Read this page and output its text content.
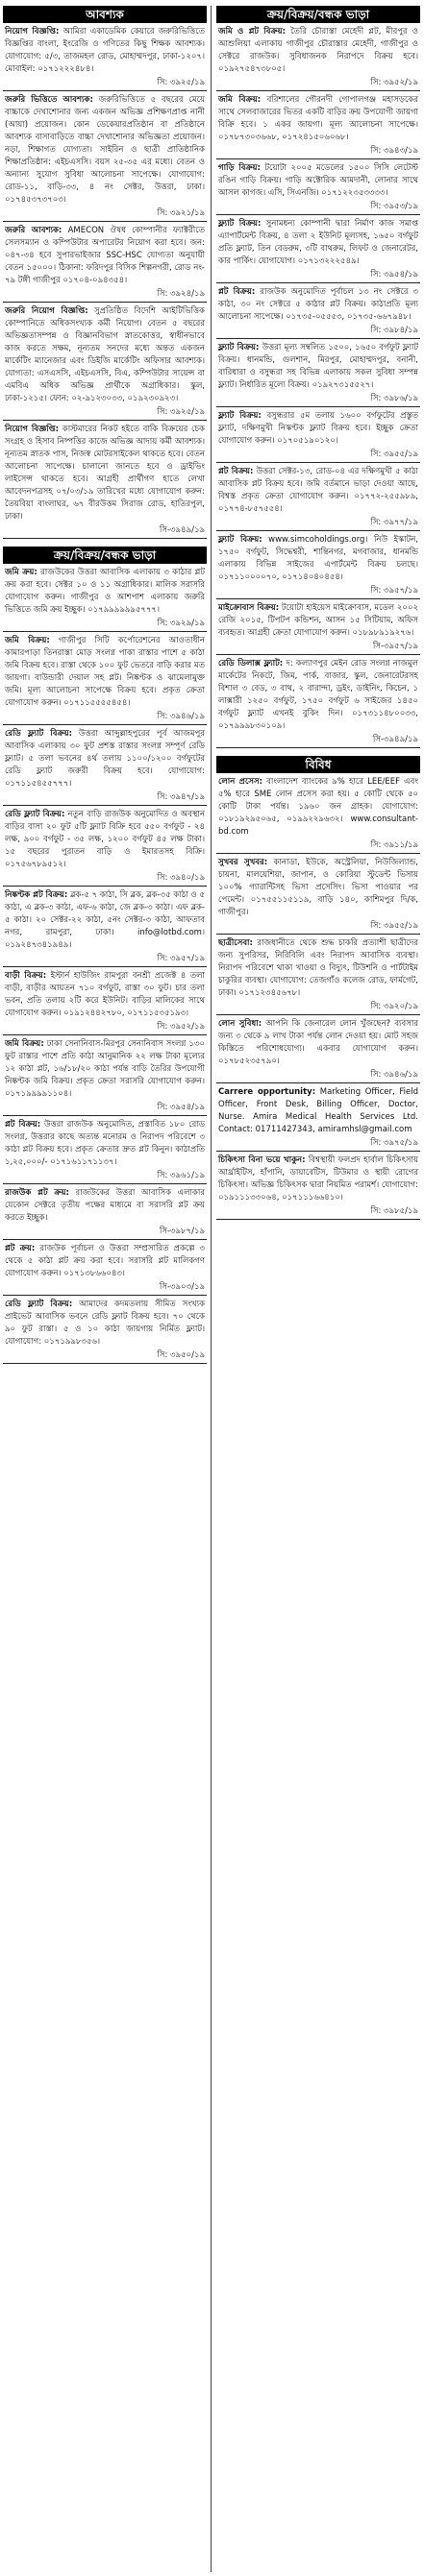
আবশ্যক
নিয়োগ বিজ্ঞপ্তি: আমিরা একাডেমিক কেয়ারে জরুরিভিত্তিতে বিজ্ঞপ্তির বাংলা, ইংরেজি ও গণিতের কিছু শিক্ষক আবশ্যক। যোগাযোগ: ৫/৩, তাজমহল রোড, মোহাম্মদপুর, ঢাকা-১২০৭। মোবাইল: ০১৭১২২২৪৮৪।
সি: ৩৯২৫/১৯
জরুরি ভিত্তিতে আবশ্যক: জরুরিভিত্তিতে ৫ বছরের মেয়ে বাচ্চাকে দেখাশোনার জন্য একজন অভিজ্ঞ প্রশিক্ষণপ্রাপ্ত নানী (আয়া) প্রয়োজন। কোন ডেকেয়ারপ্রতিষ্ঠান বা প্রতিষ্ঠানে আবশ্যক বাসাবাড়িতে বাচ্চা দেখাশোনার অভিজ্ঞতা প্রয়োজন। নড়া, শিক্ষাগত যোগ্যতা। সাইরিন ও ছাত্রী প্রাতিষ্ঠানিক শিক্ষাপ্রতিষ্ঠান: এইচএসসি। বয়স ২৫-৩৫ এর মধ্যে। বেতন ও অন্যান্য সুযোগ সুবিধা আলোচনা সাপেক্ষে। যোগাযোগ: রোড-১১, বাড়ি-৩৩, ৪ নং সেক্টর, উত্তরা, ঢাকা। ০১৭৪৫৩৭৩৭০৩।
সি: ৩৯২১/১৯
জরুরি আবশ্যক: AMECON ঔষধ কোম্পানীর ফ্যাক্টরীতে সেলসম্যান ও কম্পিউটার অপারেটর নিয়োগ করা হবে। জন: ০৪৭-৩৪ হবে সুপারভাইজার SSC-HSC যোগ্যতা অনুযায়ী বেতন ১৫০০০। ঠিকানা: ফরিদপুর বিসিক শিল্পনগরী, রোড নং- ৭৯ টঙ্গী গাজীপুর ০১৭০৪-০৯৪৩৫৪।
সি: ৩৯২৪/১৯
জরুরি নিয়োগ বিজ্ঞপ্তি: সুপ্রতিষ্ঠিত বিদেশি আইটিভিত্তিক কোম্পানিতে অধিকসংখ্যক কর্মী নিয়োগ। বেতন ৫ বছরের অভিজ্ঞতাসম্পন্ন ও বিজ্ঞানবিভাগ স্নাতকোত্তর, স্বাধীনভাবে কাজ করতে সক্ষম, নূন্যতম সনদের মধ্যে অন্তত একজন মার্কেটিং ম্যানেজার এবং ডিইজি মার্কেটিং অফিসার আবশ্যক। যোগ্যতা: এসএসসি, এইচএসসি, বিএ, কম্পিউটার সায়েন্স বা এমবিএ অধিক অভিজ্ঞ প্রার্থীকে অগ্রাধিকার। স্কুল, ঢাকা-১২১৫। ফোন: ০২-৯১২৩০৩৩, ০১৯২৩০৯২৩।
সি: ৩৯২৫/১৯
নিয়োগ বিজ্ঞপ্তি: কাস্টমারের নিকট হইতে বাকি বিক্রয়ের চেক সংগ্রহ ও হিসাব নিষ্পত্তির কাজে অভিজ্ঞ আদায় কর্মী আবশ্যক। নূন্যতম স্নাতক পাস, নিজস্ব মোটরসাইকেল থাকতে হবে। বেতন আলোচনা সাপেক্ষে। চালানো জানতে হবে ও ড্রাইভিং লাইসেন্স থাকতে হবে। আগ্রহী প্রার্থীগণ হাতে লেখা আবেদনপত্রসহ ০৭/০৩/১৯ তারিখের মধ্যে যোগাযোগ করুন: তৈয়বিয়া বাংলাঘর, ৬৭ বীরউত্তম সিরাজ রোড, হাতিরপুল, ঢাকা।
সি-৩৯৪৯/১৯
ক্রয়/বিক্রয়/বন্ধক ভাড়া
জমি ক্রয়: রাজউকের উত্তরা আবাসিক এলাকায় ৩ কাঠার প্লট ক্রয় করা হবে। সেক্টর ১০ ও ১১ অগ্রাধিকার। মালিক সরাসরি যোগাযোগ করুন। গাজীপুর ও আশপাশ এলাকায় জরুরি ভিত্তিতে জমি ক্রয় ইচ্ছুক। ০১৭৯৯৯৯৯৯৫৭৭৭।
সি: ৩৯২৯/১৯
জমি বিক্রয়: গাজীপুর সিটি কর্পোরেশনের আওতাধীন কামারপাড়া তিনরাস্তা মোড় সংলগ্ন পাকা রাস্তার পাশে ৫ কাঠা জমি বিক্রয় হবে। রাস্তা থেকে ১০০ ফুট ভেতরে বাড়ি করার মত জায়গা। বাউন্ডারী দেয়াল সহ প্লট। নিষ্কণ্টক ও ঝামেলামুক্ত জমি। মূল্য আলোচনা সাপেক্ষে বিক্রয় হবে। প্রকৃত ক্রেতা যোগাযোগ করুন। ০১৭১১৫৫৫৫৪৫৪।
সি: ৩৯৪৬/১৯
রেডি ফ্ল্যাট বিক্রয়: উত্তরা আব্দুল্লাহপুরের পূর্ব আজমপুর আবাসিক এলাকায় ৩০ ফুট প্রশস্ত রাস্তার সংলগ্ন সম্পূর্ণ রেডি ফ্ল্যাট। ৫ তলা ভবনের ৪র্থ তলায় ১১০০/১২০০ বর্গফুটের রেডি ফ্ল্যাট জরুরী বিক্রয় হবে। যোগাযোগ: ০১৭১১৫৪৫৫৭৭৭।
সি: ৩৯৪৭/১৯
রেডি ফ্ল্যাট বিক্রয়: নতুন বাড়ি রাজউক অনুমোদিত ও অবস্থান বাড়ির বাসা ২০ ফুট ৫টি ফ্ল্যাট বিক্রি হবে ৫৫০ বর্গফুট - ২৪ লক্ষ, ৯০০ বর্গফুট - ৩৫ লক্ষ, ১২০০ বর্গফুট ৪৫ লক্ষ টাকা। ১৫ বছরের পুরাতন বাড়ি ও ইমারতসহ বিক্রি। ০১৭৫৬৭৮৯৫১২।
সি: ৩৯৪০/১৯
নিষ্কণ্টক প্লট বিক্রয়: ব্লক-৫ ৭ কাঠা, সি ব্লক, ব্লক-৩৫ কাঠা ও ৫ কাঠা, এ ব্লক-৩ কাঠা, এফ-৬ কাঠা, জে ব্লক-৩ কাঠা। এফ ব্লক- ৫ কাঠা। ২০ সেক্টর-২২ কাঠা, ৫নং সেক্টর-৩ কাঠা, আফতাব নগর, রামপুরা, ঢাকা। info@lotbd.com। ০১৯২৪৭৩৪১৯৪৯।
সি: ৩৯৫৭/১৯
বাড়ী বিক্রয়: ইস্টার্ন হাউজিং রামপুরা বনশ্রী প্রজেক্ট ৪ তলা বাড়ী, বাড়ীর আয়তন ৭১০ বর্গফুট, রাস্তা ৩০ ফুট। চার তলা ভবন, প্রতি তলায় ২টি করে ইউনিট। বাড়ির মালিকের সাথে যোগাযোগ করুন। ০১৯১২৪৪২৭৮০, ০১৭১১৫৩৫১৯৩।
সি: ৩৯৫২/১৯
জমি বিক্রয়: ঢাকা সেনানিবাস-মিরপুর সেনানিবাস সংলগ্ন ১৩০ ফুট রাস্তার পাশে প্রতি কাঠা আনুমানিক ২২ লক্ষ টাকা মূল্যের ১২ কাঠা প্লট, ১৬/১৮/২০ কাঠা পর্যন্ত বাড়ি তৈরির উপযোগী নিষ্কণ্টক জমি বিক্রয়। প্রকৃত ক্রেতা সরাসরি যোগাযোগ করুন। ০১৭১৯৯৯৯১১০৪।
সি: ৩৯৫৪/১৯
প্লট বিক্রয়: উত্তরা রাজউক অনুমোদিত, প্রস্তাবিত ১৮০ রোড সংলগ্ন, উত্তরার কাছে অত্যন্ত মনোরম ও নিরাপদ পরিবেশে ৩ কাঠা প্লট বিক্রয় হবে। প্রকৃত ক্রেতার দ্রুত প্লট কিনুন। কাঠাপ্রতি ১,২৫,০০০/- ০১৭১৬১১৭১১৩৭।
সি: ৩৯৬১/১৯
রাজউক প্লট ক্রয়: রাজউকের উত্তরা আবাসিক এলাকার যেকোন সেক্টরে তৃতীয় পক্ষের মাধ্যমে বা সরাসরি প্লট ক্রয় করতে ইচ্ছুক।
সি-৩৯৮৭/১৯
প্লট ক্রয়: রাজউক পূর্বাচল ও উত্তরা সম্প্রসারিত প্রকল্পে ৩ থেকে ৫ কাঠা প্লট ক্রয় করা হবে। সরাসরি প্লট মালিকগণ যোগাযোগ করুন। ০১৭১৩৮৬৬০৪৩।
সি-৩৯০৩/১৯
রেডি ফ্ল্যাট বিক্রয়: আমাদের কদমতলায় সীমিত সংখ্যক প্রাইভেট আবাসিক ভবনে রেডি ফ্ল্যাট বিক্রয় হবে। ৭০ থেকে ৯০ ফুট রাস্তা। ৫ ও ১০ কাঠা জায়গায় নির্মিত ফ্ল্যাট। যোগাযোগ: ০১৭১৯৯৮৩৫৬।
সি: ৩৯৫০/১৯
ক্রয়/বিক্রয়/বন্ধক ভাড়া
জমি ও প্লট বিক্রয়: তৈরি চৌরাস্তা মেহেদী প্লট, মীরপুর ও আশুলিয়া এলাকায় গাজীপুর চৌরাস্তার মেহেদী, গাজীপুর ও সেক্টরে রাজউক। সুবিধাজনক নিরাপদে বিক্রয় হবে। ০১৯২৭৫৪৭৩৮০৫।
সি: ৩৯৫২/১৯
জমি বিক্রয়: বরিশালের গৌরনদী গোপালগঞ্জ মহাসড়কের সাথে সেলবাজারের ভিতর একটি বাড়ির ক্রয় উপযোগী জায়গা বিক্রি হবে। ১ একর জায়গা। মূল্য আলোচনা সাপেক্ষে। ০১৭৮৭৩০৩৬৬৮, ০১৭২৪১৫০৬০৬৮।
সি: ৩৯৪৩/১৯
গাড়ি বিক্রয়: টয়োটা ২০০৫ মডেলের ১৫০০ সিসি লেটেস্ট রঙিন গাড়ি বিক্রয়। গাড়ি অক্টোরিক আমদানী, লোনার সাথে আসল কাগজ। এসি, সিএনজি। ০১৭১২২৩৫৩৩৩৩।
সি: ৩৯৫৩/১৯
ফ্ল্যাট বিক্রয়: সুনামধন্য কোম্পানী দ্বারা নির্মাণ কাজ সমাপ্ত এ্যাপার্টমেন্ট বিক্রয়, ৪ তলা ২ ইউনিট মূল্যসহ, ১৬৫০ বর্গফুট প্রতি ফ্ল্যাট, তিন বেডরুম, ৩টি বাথরুম, লিফট ও জেনারেটর, কার পার্কিং। যোগাযোগ। ০১৭১৩২২২৫৪৯।
সি: ৩৯৫৪/১৯
প্লট বিক্রয়: রাজউক অনুমোদিত পূর্বাচল ১৩ নং সেক্টরে ৩ কাঠা, ৩০ নং সেক্টরে ৫ কাঠার প্লট বিক্রয়। কাঠাপ্রতি মূল্য আলোচনা সাপেক্ষে। ০১৭৩৫-০৫৫৫৩, ০১৭৩৫-৬৬৭৯৪৮।
সি: ৩৯৮৪/১৯
ফ্ল্যাট বিক্রয়: উত্তরা মূল্য সম্বলিত ১৫০০, ১৬৫০ বর্গফুট ফ্ল্যাট বিক্রয়। ধানমন্ডি, গুলশান, মিরপুর, মোহাম্মদপুর, বনানী, বারিধারা ও বসুন্ধরা সহ বিভিন্ন এলাকায় সকল সুবিধা সম্পন্ন ফ্ল্যাট। নির্ধারিত মূল্যে বিক্রয়। ০১৯২৭৩১৫৫২৭।
সি: ৩৯৮৬/১৯
ফ্ল্যাট বিক্রয়: বসুন্ধরার ৫ম তলায় ১৬০০ বর্গফুটের প্রস্তুত ফ্ল্যাট, দক্ষিণমুখী নিস্কণ্টক ফ্ল্যাট বিক্রয় হবে। ইচ্ছুক ক্রেতা যোগাযোগ করুন। ০১৭০৫১৯০১২০।
সি: ৩৯৫৫/১৯
প্লট বিক্রয়: উত্তরা সেক্টর-১৩, রোড-০৪ এর দক্ষিণমুখী ৫ কাঠা আবাসিক প্লট বিক্রয় হবে। জমি বর্তমানে ভাড়া দেওয়া আছে, বিশ্বস্ত প্রকৃত ক্রেতা যোগাযোগ করুন। ০১৭৭২-২৫৫৯৮৯, ০১৭৭৪-৮৫৭৫৫৪।
সি: ৩৯৭৭/১৯
ফ্ল্যাট বিক্রয়: www.simcoholdings.org। নিউ ইস্কাটন, ১৭৫০ বর্গফুট, সিদ্ধেশ্বরী, শান্তিনগর, মগবাজার, ধানমন্ডি এলাকায় বিভিন্ন সাইজের এপার্টমেন্ট বিক্রয় চলছে। ০১৭১১০০০০৭০, ০১৭১৪০৪০৪৫৪।
সি: ৩৯৫৭/১৯
মাইক্রোবাস বিক্রয়: টয়োটা হাইয়েস মাইক্রোবাস, মডেল ২০০২ রেজি ২০১৫, টিপটপ কন্ডিশন, আসন ১৫ সিটিয়াম, অফিস ব্যবহৃত। আগ্রহী ক্রেতা যোগাযোগ করুন। ০১৮৯৮৯১৯২৭৬।
সি-৩৯৫৭/১৯
রেডি ডিলাক্স ফ্ল্যাট: দ: কল্যাণপুর মেইন রোড সংলগ্ন নাজমুল মার্কেটের নিকটে, জিম, পার্ক, বাজার, স্কুল, জেনারেটরসহ বিশাল ৩ বেড, ৩ বাথ, ২ বারান্দা, ড্রইং, ডাইনিং, কিচেন, ১ লাক্সারী ১২৫০ বর্গফুট, ১৭৫০ বর্গফুট ৬ সাইজের ১৪৫০ বর্গফুট ফ্ল্যাট এখনই বুকিং দিন। ০১৭৩১১৪৮০০৩৩, ০১৭৯৯৯৮৩০১০৯।
সি-৩৯৪৯/১৯
বিবিধ
লোন প্রসেস: বাংলাদেশ ব্যাংকের ৯% হারে LEE/EEF এবং ৫% হারে SME লোন প্রসেস করা হয়। ৫ কোটি থেকে ৫০ কোটি টাকা পর্যন্ত। ১৯৬০ জন গ্রাহক। যোগাযোগ: ০১৮১৯২৯৫০৬৫, ০১৯৯২২৯৬৩২। www.consultant-bd.com
সি: ৩৯১১/১৯
সুখবর সুখবর: কানাডা, ইউকে, অস্ট্রেলিয়া, নিউজিল্যান্ড, চায়না, মালয়েশিয়া, জাপান, ও কোরিয়া স্টুডেন্ট ভিসায় ১০০% গ্যারান্টিসহ ভিসা প্রসেসিং। ভিসা পাওয়ার পর পেমেন্ট। ০১৭৫৫১১৫১১৯, বাড়ি ১৪০, কাশিমপুর দি/ক, গাজীপুর।
সি: ৩৯৫৫/১৯
ছাত্রীসেবা: রাজধানীতে থেকে শুদ্ধ চাকরি প্রত্যাশী ছাত্রীদের জন্য সুপরিসর, নিরিবিলি এবং নিরাপদ আবাসিক ব্যবস্থা। নিরাপদ পরিবেশে থাকা খাওয়া ও বিদ্যুৎ, টিউশনি ও পার্টটাইম চাকুরির ব্যবস্থা। যোগাযোগ: তেজগাঁও কলেজ রোড, ফার্মগেট, ঢাকা। ০১৭১২৩৪৫৬৭৮।
সি: ৩৯২০/১৯
লোন সুবিধা: আপনি কি জেনারেল লোন খুঁজছেন? ব্যবসার জন্য ৩ থেকে ৯ লাখ টাকা পর্যন্ত লোন দেওয়া হয়। মোট সহজ কিস্তিতে পরিশোধযোগ্য। একবার যোগাযোগ করুন। ০১৭৮৫২৩৫৭৯০।
সি: ৩৯৪৬/১৯
Carrere opportunity: Marketing Officer, Field Officer, Front Desk, Billing Officer, Doctor, Nurse. Amira Medical Health Services Ltd. Contact: 01711427343, amiramhsl@gmail.com
সি: ৩৯৭৫/১৯
চিকিৎসা বিনা ভয়ে খাকুন: বিশ্বস্থায়ী ফলপ্রদ হার্বাল চিকিৎসায় আর্থ্রাইটিস, হাঁপানি, ডায়াবেটিস, টিউমার ও স্থায়ী রোগের চিকিৎসা। অভিজ্ঞ চিকিৎসক দ্বারা নিয়মিত পরামর্শ। যোগাযোগ: ০১৯১১১৩৩০৬৪, ০১৭১১১৬৬৪১০।
সি: ৩৯৮৫/১৯
